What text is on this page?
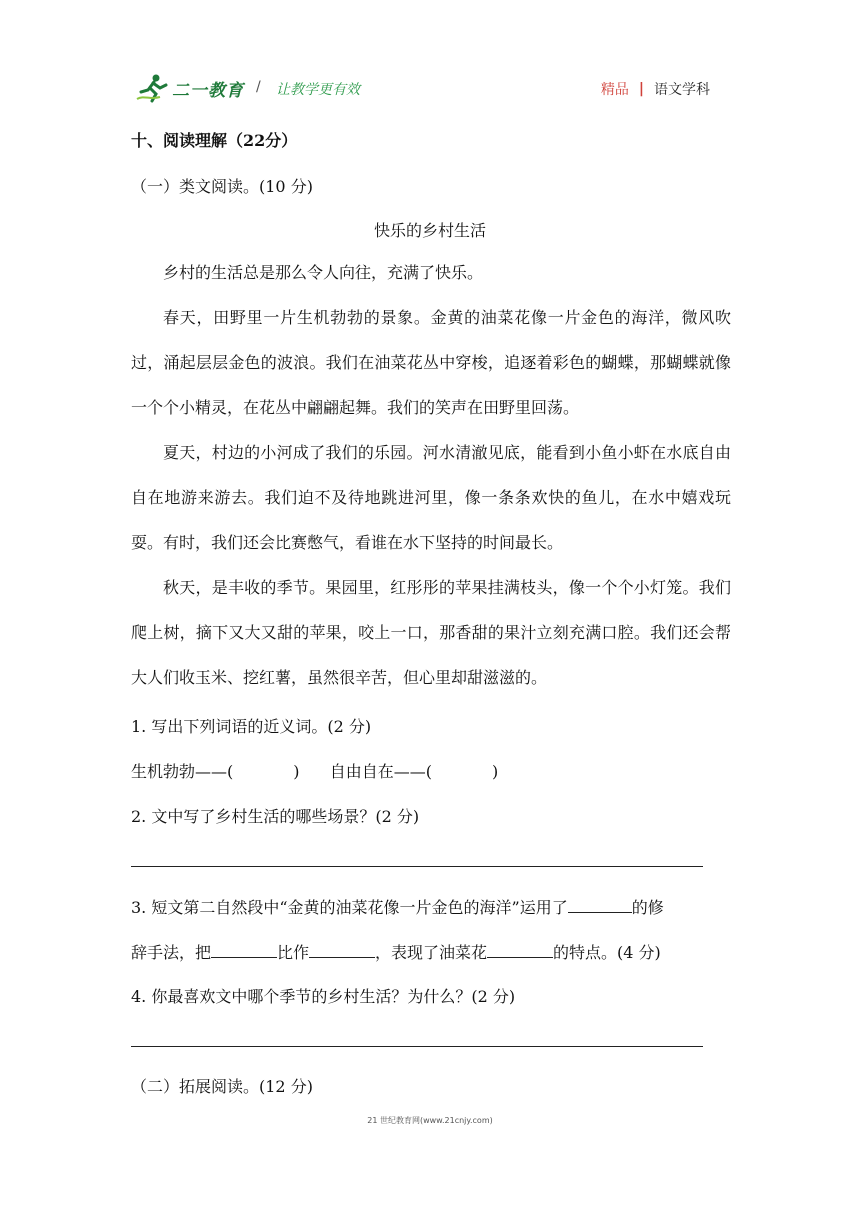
二一教育 / 让教学更有效	精品 | 语文学科
十、阅读理解（22分）
（一）类文阅读。(10 分)
快乐的乡村生活
乡村的生活总是那么令人向往，充满了快乐。
春天，田野里一片生机勃勃的景象。金黄的油菜花像一片金色的海洋，微风吹过，涌起层层金色的波浪。我们在油菜花丛中穿梭，追逐着彩色的蝴蝶，那蝴蝶就像一个个小精灵，在花丛中翩翩起舞。我们的笑声在田野里回荡。
夏天，村边的小河成了我们的乐园。河水清澈见底，能看到小鱼小虾在水底自由自在地游来游去。我们迫不及待地跳进河里，像一条条欢快的鱼儿，在水中嬉戏玩耍。有时，我们还会比赛憋气，看谁在水下坚持的时间最长。
秋天，是丰收的季节。果园里，红彤彤的苹果挂满枝头，像一个个小灯笼。我们爬上树，摘下又大又甜的苹果，咬上一口，那香甜的果汁立刻充满口腔。我们还会帮大人们收玉米、挖红薯，虽然很辛苦，但心里却甜滋滋的。
1. 写出下列词语的近义词。(2 分)
生机勃勃——(	) 自由自在——(	)
2. 文中写了乡村生活的哪些场景？(2 分)
3. 短文第二自然段中“金黄的油菜花像一片金色的海洋”运用了	的修
辞手法，把	比作	，表现了油菜花	的特点。(4 分)
4. 你最喜欢文中哪个季节的乡村生活？为什么？(2 分)
（二）拓展阅读。(12 分)
21 世纪教育网(www.21cnjy.com)
